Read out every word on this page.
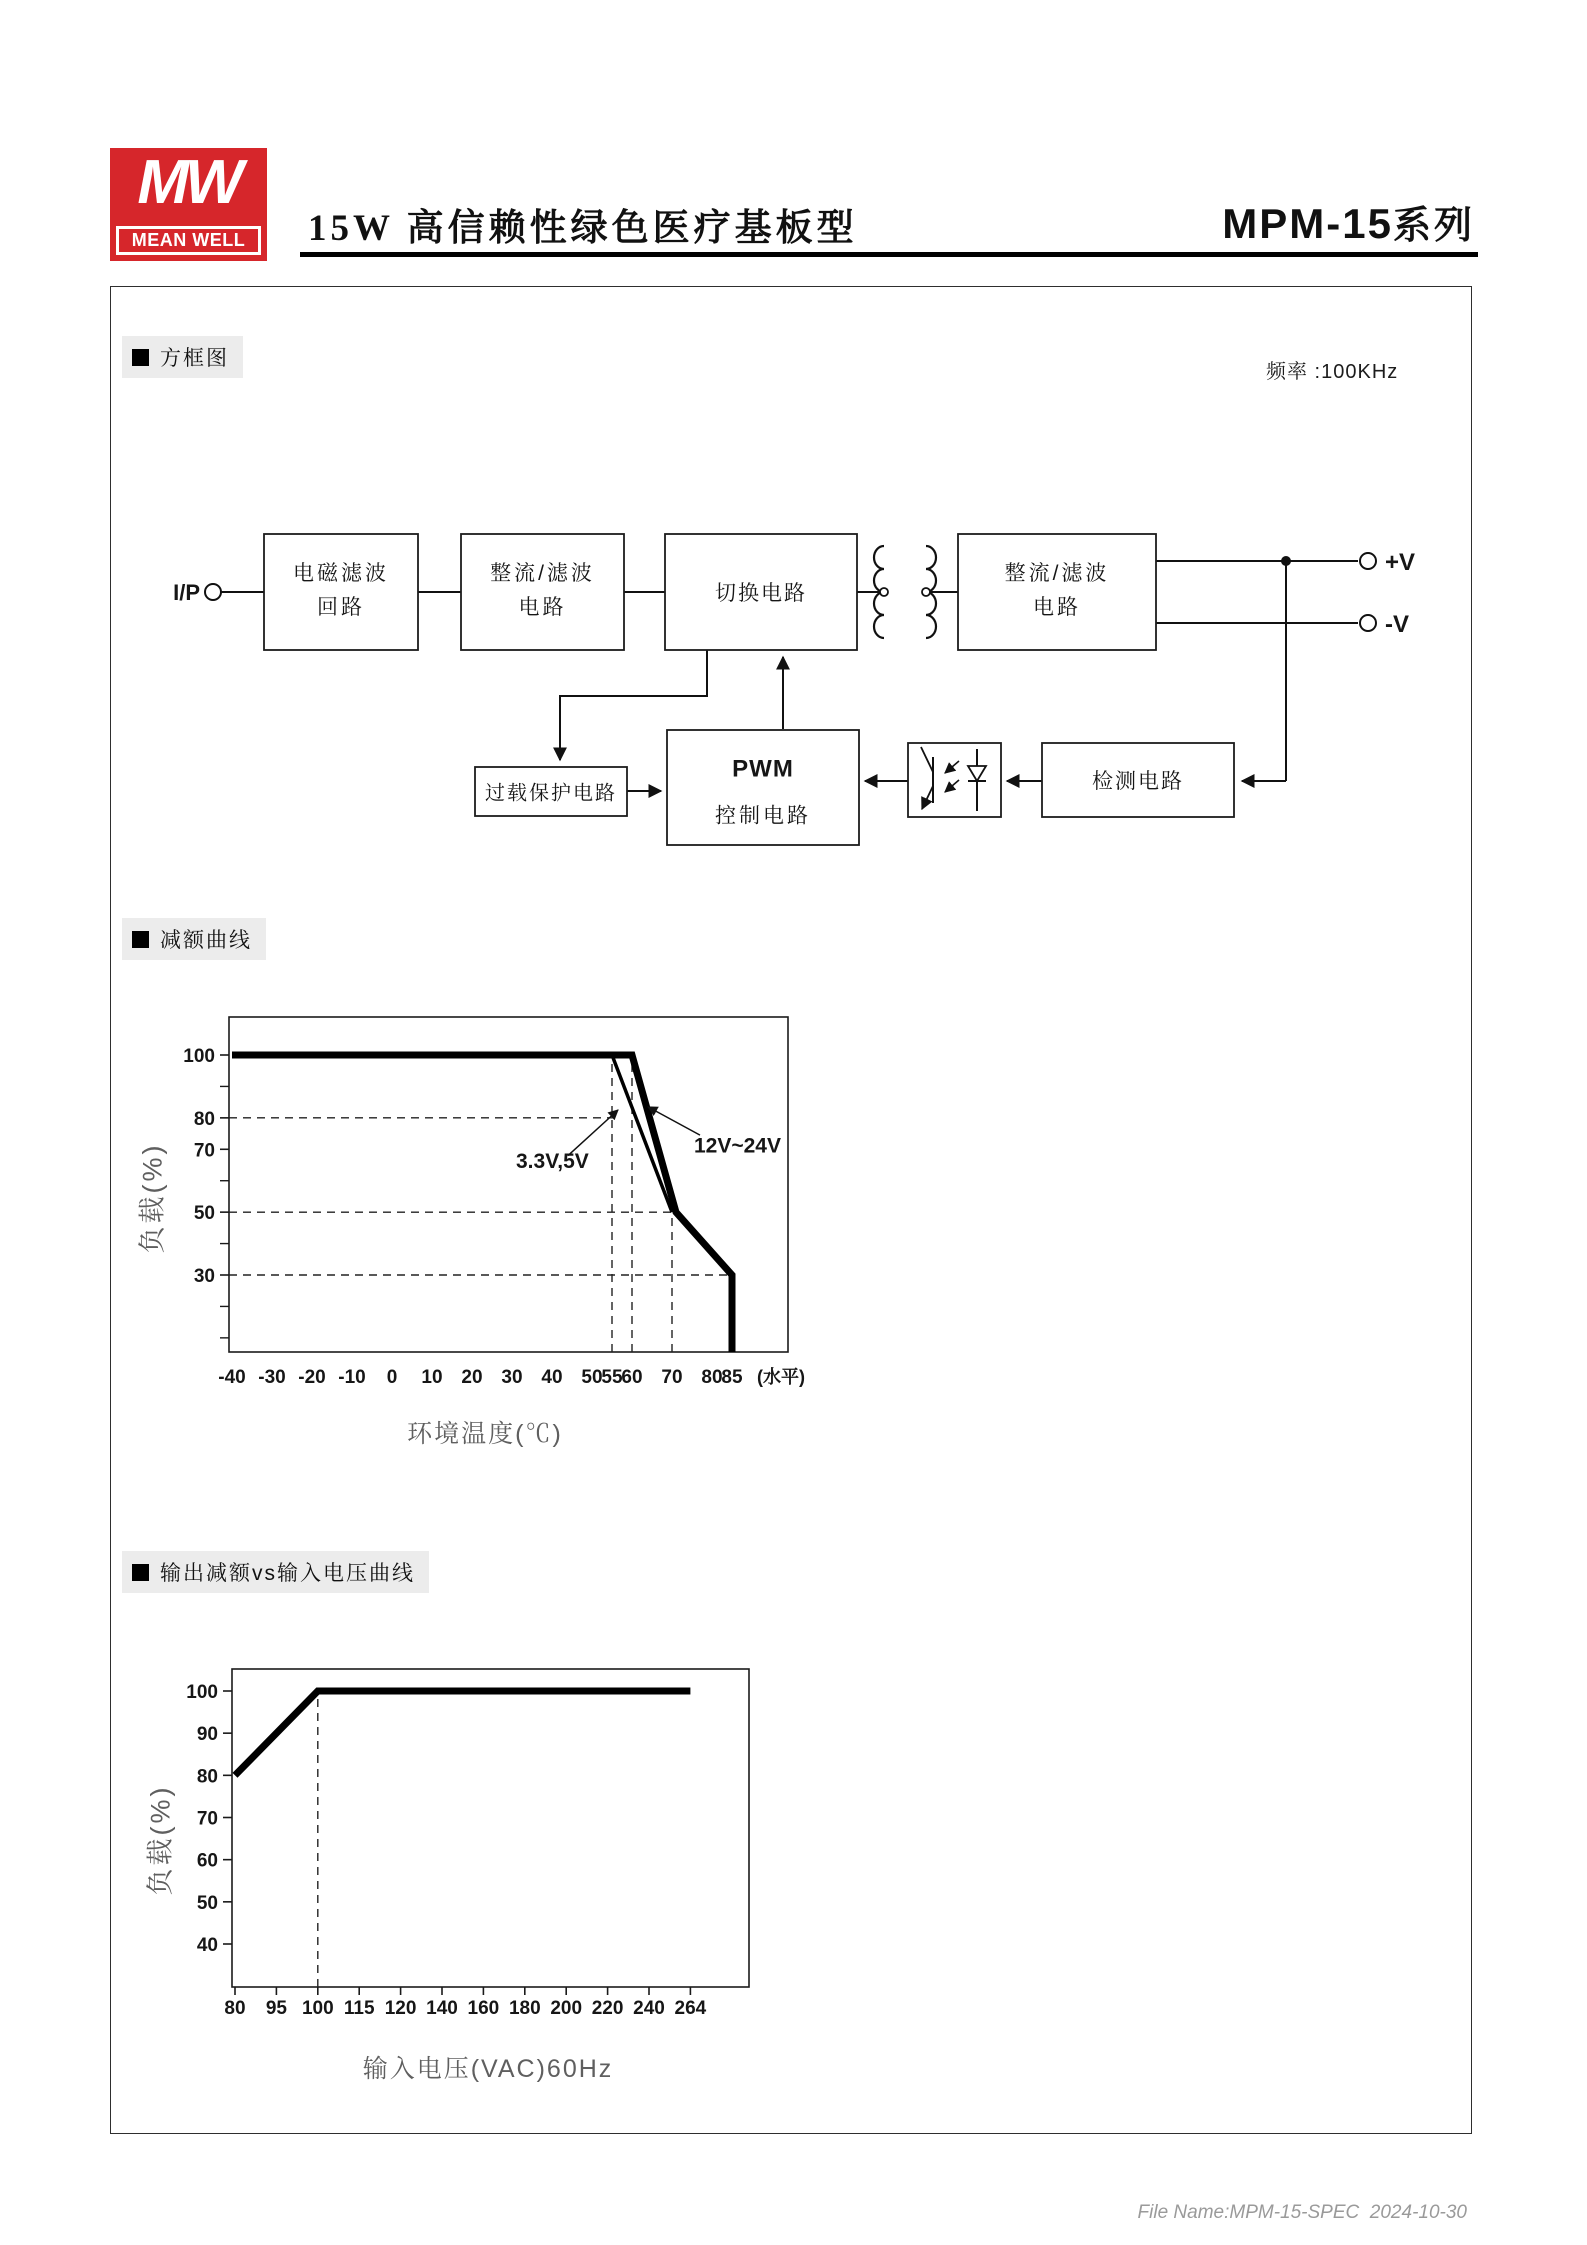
MW
MEAN WELL	15W 高信赖性绿色医疗基板型	MPM-15系列
电磁滤波
回路
整流/滤波
电路
切换电路
整流/滤波
电路
过载保护电路
PWM
控制电路
检测电路
I/P
+V
-V
100
80
70
50
30
-40 -30 -20 -10 0 10 20 30 40 50
55
60 70 80
85 (水平)
3.3V,5V
12V~24V
100
90
80
70
60
50
40
80 95 100 115 120 140 160 180 200 220 240 264
方框图
减额曲线
输出减额vs输入电压曲线
频率 :100KHz
负载(%)
环境温度(℃)
负载(%)
输入电压(VAC)60Hz
File Name:MPM-15-SPEC  2024-10-30
